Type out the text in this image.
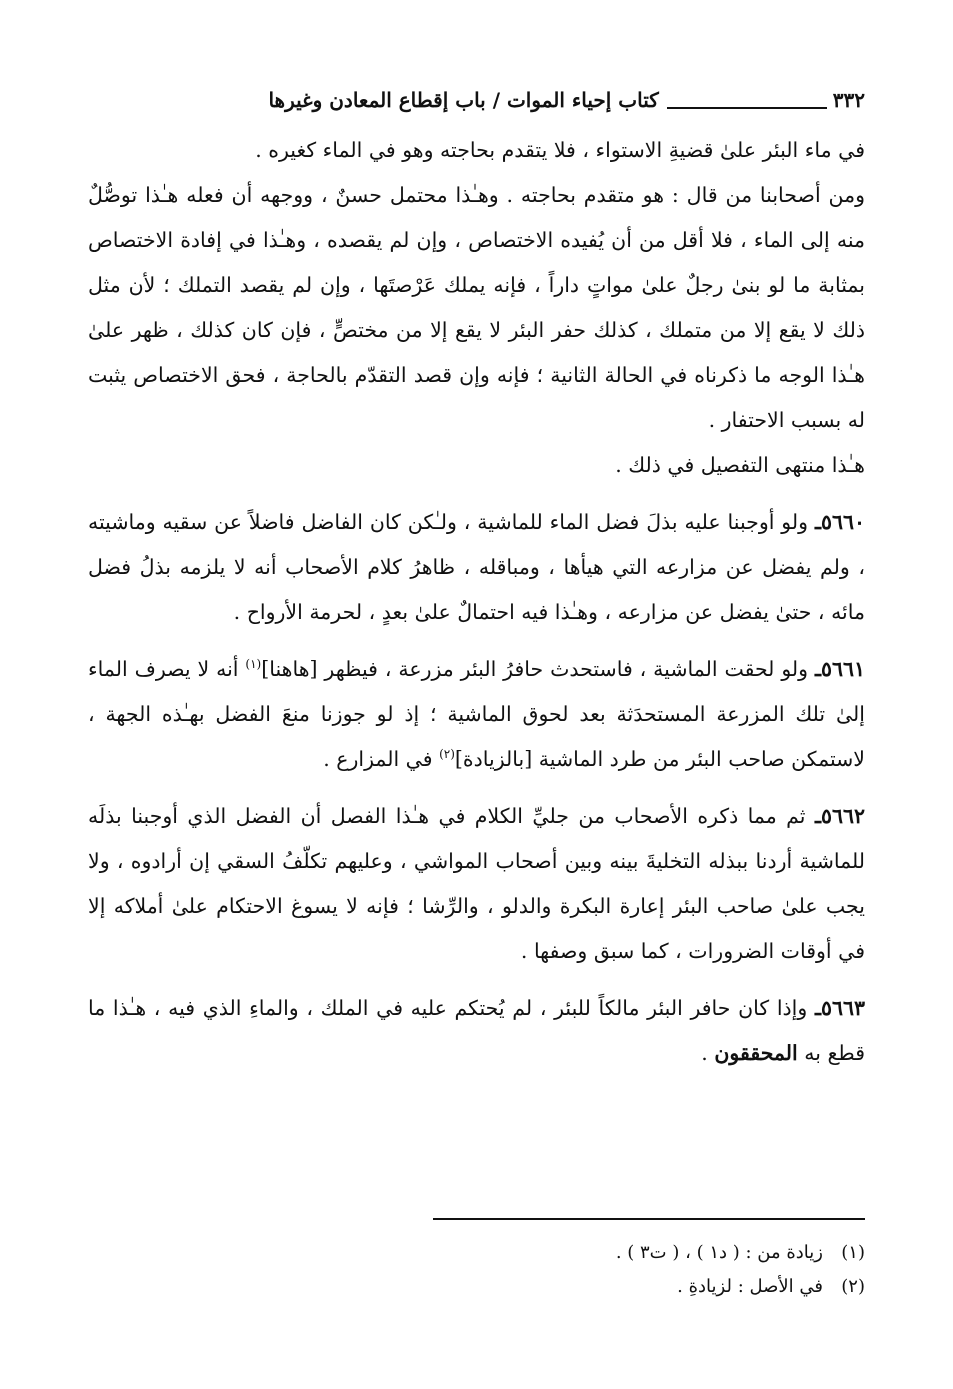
٣٣٢
كتاب إحياء الموات / باب إقطاع المعادن وغيرها

في ماء البئر علىٰ قضيةِ الاستواء ، فلا يتقدم بحاجته وهو في الماء كغيره .

ومن أصحابنا من قال : هو متقدم بحاجته . وهـٰذا محتمل حسنٌ ، ووجهه أن فعله هـٰذا توصُّلٌ منه إلى الماء ، فلا أقل من أن يُفيده الاختصاص ، وإن لم يقصده ، وهـٰذا في إفادة الاختصاص بمثابة ما لو بنىٰ رجلٌ علىٰ مواتٍ داراً ، فإنه يملك عَرْصتَها ، وإن لم يقصد التملك ؛ لأن مثل ذلك لا يقع إلا من متملك ، كذلك حفر البئر لا يقع إلا من مختصٍّ ، فإن كان كذلك ، ظهر علىٰ هـٰذا الوجه ما ذكرناه في الحالة الثانية ؛ فإنه وإن قصد التقدّم بالحاجة ، فحق الاختصاص يثبت له بسبب الاحتفار .

هـٰذا منتهى التفصيل في ذلك .

٥٦٦٠ـ ولو أوجبنا عليه بذلَ فضل الماء للماشية ، ولـٰكن كان الفاضل فاضلاً عن سقيه وماشيته ، ولم يفضل عن مزارعه التي هيأها ، ومباقله ، ظاهرُ كلام الأصحاب أنه لا يلزمه بذلُ فضل مائه ، حتىٰ يفضل عن مزارعه ، وهـٰذا فيه احتمالٌ علىٰ بعدٍ ، لحرمة الأرواح .

٥٦٦١ـ ولو لحقت الماشية ، فاستحدث حافرُ البئر مزرعة ، فيظهر [هاهنا]$^{(١)}$ أنه لا يصرف الماء إلىٰ تلك المزرعة المستحدَثة بعد لحوق الماشية ؛ إذ لو جوزنا منعَ الفضل بهـٰذه الجهة ، لاستمكن صاحب البئر من طرد الماشية [بالزيادة]$^{(٢)}$ في المزارع .

٥٦٦٢ـ ثم مما ذكره الأصحاب من جليِّ الكلام في هـٰذا الفصل أن الفضل الذي أوجبنا بذلَه للماشية أردنا ببذله التخليةَ بينه وبين أصحاب المواشي ، وعليهم تكلّفُ السقي إن أرادوه ، ولا يجب علىٰ صاحب البئر إعارة البكرة والدلو ، والرِّشا ؛ فإنه لا يسوغ الاحتكام علىٰ أملاكه إلا في أوقات الضرورات ، كما سبق وصفها .

٥٦٦٣ـ وإذا كان حافر البئر مالكاً للبئر ، لم يُحتكم عليه في الملك ، والماءِ الذي فيه ، هـٰذا ما قطع به المحققون .

(١)زيادة من : ( د١ ) ، ( ت٣ ) .
(٢)في الأصل : لزيادةِ .
